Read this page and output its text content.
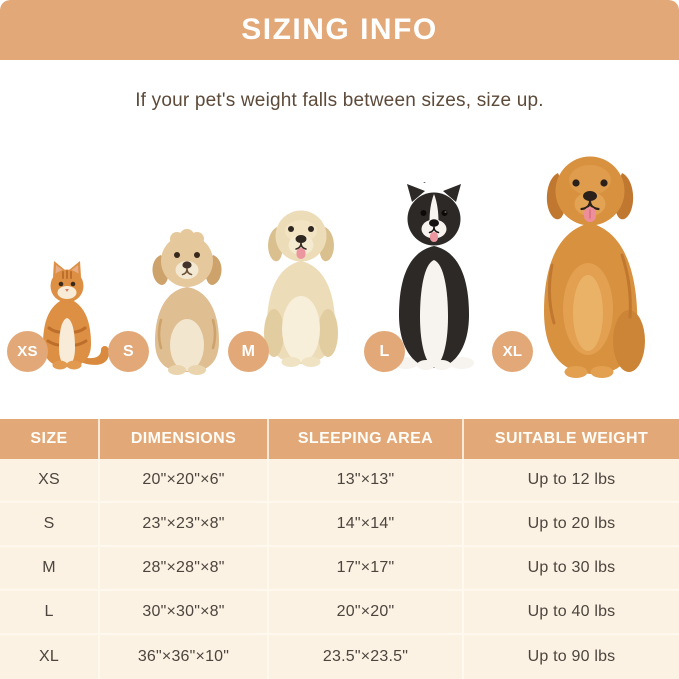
SIZING INFO
If your pet's weight falls between sizes, size up.
XS	S	M	L	XL
SIZE	DIMENSIONS	SLEEPING AREA	SUITABLE WEIGHT
XS	20"×20"×6"	13"×13"	Up to 12 lbs
S	23"×23"×8"	14"×14"	Up to 20 lbs
M	28"×28"×8"	17"×17"	Up to 30 lbs
L	30"×30"×8"	20"×20"	Up to 40 lbs
XL	36"×36"×10"	23.5"×23.5"	Up to 90 lbs
